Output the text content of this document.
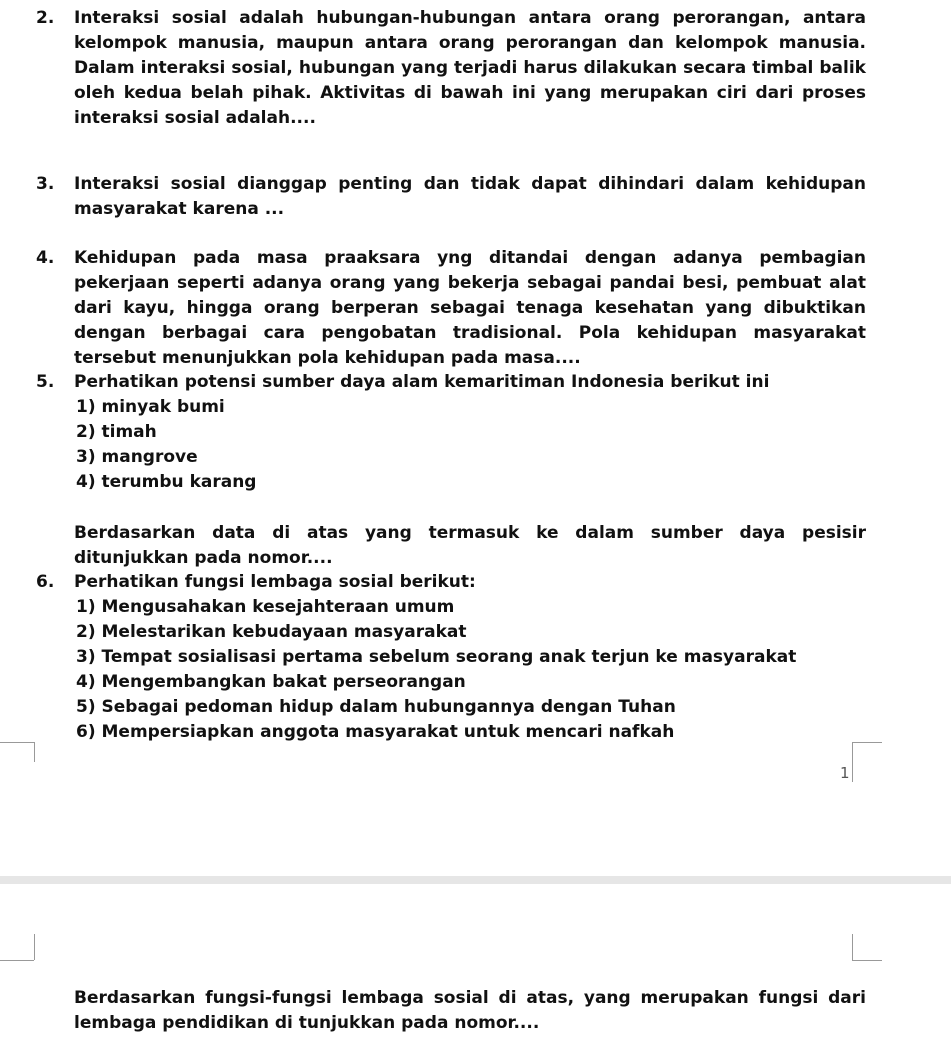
2. Interaksi sosial adalah hubungan-hubungan antara orang perorangan, antara kelompok manusia, maupun antara orang perorangan dan kelompok manusia. Dalam interaksi sosial, hubungan yang terjadi harus dilakukan secara timbal balik oleh kedua belah pihak. Aktivitas di bawah ini yang merupakan ciri dari proses interaksi sosial adalah....
3. Interaksi sosial dianggap penting dan tidak dapat dihindari dalam kehidupan masyarakat karena ...
4. Kehidupan pada masa praaksara yng ditandai dengan adanya pembagian pekerjaan seperti adanya orang yang bekerja sebagai pandai besi, pembuat alat dari kayu, hingga orang berperan sebagai tenaga kesehatan yang dibuktikan dengan berbagai cara pengobatan tradisional. Pola kehidupan masyarakat tersebut menunjukkan pola kehidupan pada masa....
5. Perhatikan potensi sumber daya alam kemaritiman Indonesia berikut ini
1) minyak bumi
2) timah
3) mangrove
4) terumbu karang
Berdasarkan data di atas yang termasuk ke dalam sumber daya pesisir ditunjukkan pada nomor....
6. Perhatikan fungsi lembaga sosial berikut:
1) Mengusahakan kesejahteraan umum
2) Melestarikan kebudayaan masyarakat
3) Tempat sosialisasi pertama sebelum seorang anak terjun ke masyarakat
4) Mengembangkan bakat perseorangan
5) Sebagai pedoman hidup dalam hubungannya dengan Tuhan
6) Mempersiapkan anggota masyarakat untuk mencari nafkah
1
Berdasarkan fungsi-fungsi lembaga sosial di atas, yang merupakan fungsi dari lembaga pendidikan di tunjukkan pada nomor....
